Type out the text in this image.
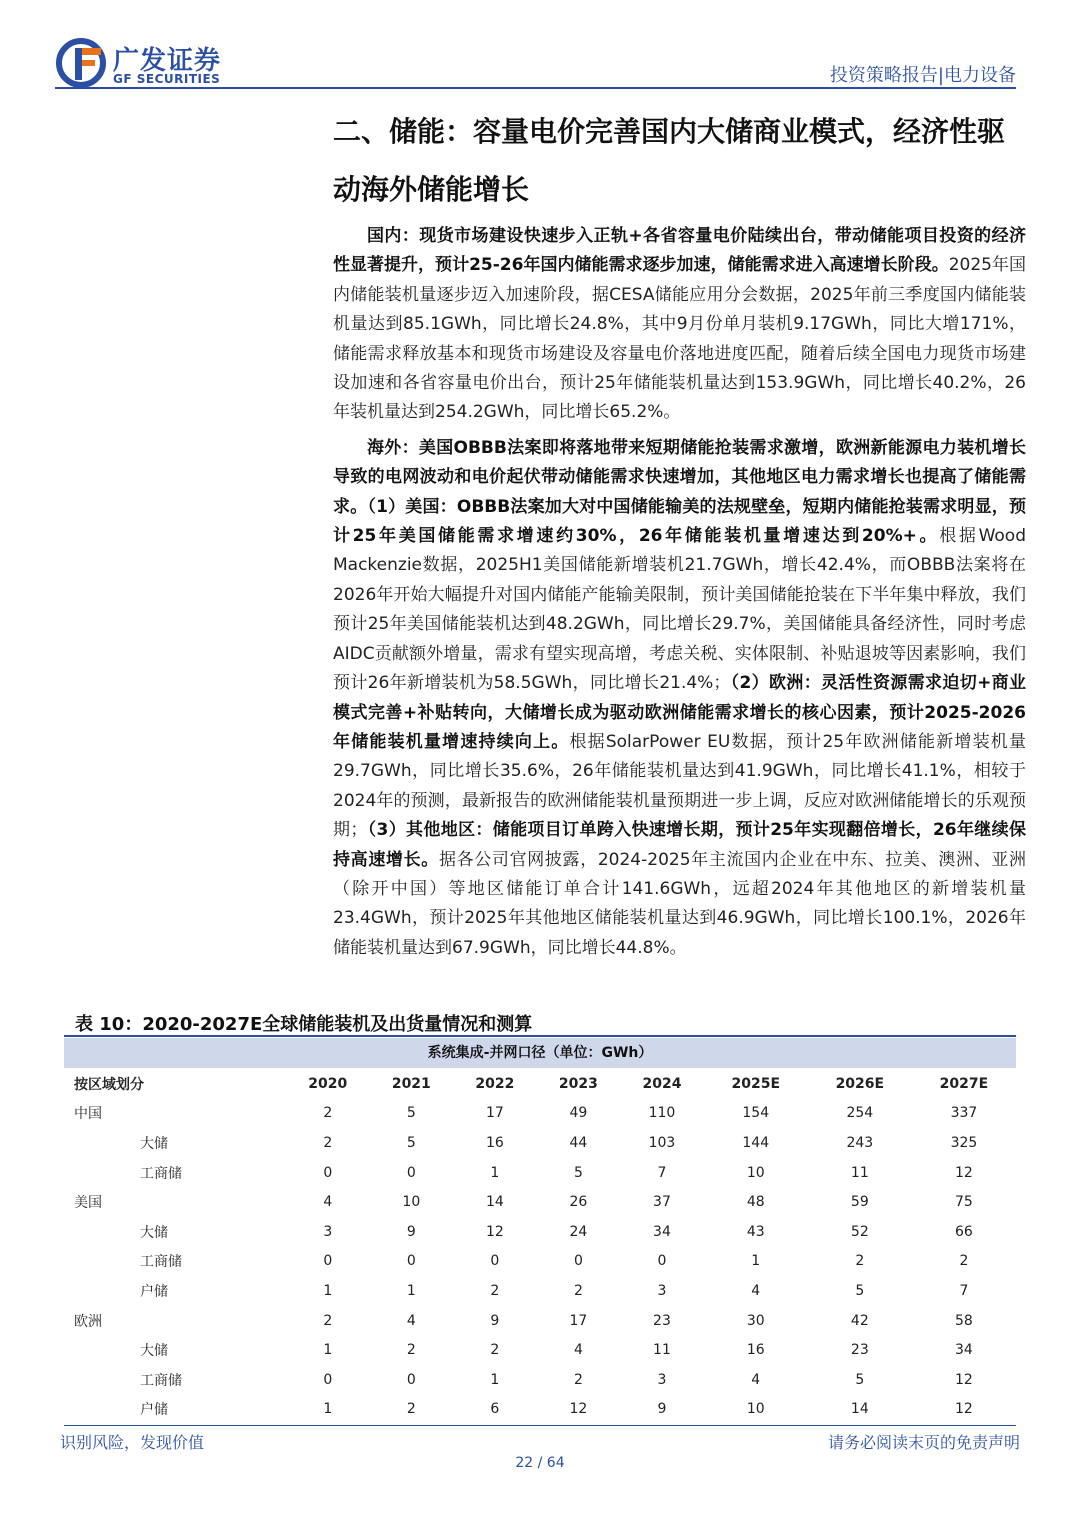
广发证券
GF SECURITIES	投资策略报告|电力设备
二、储能：容量电价完善国内大储商业模式，经济性驱
动海外储能增长

国内：现货市场建设快速步入正轨+各省容量电价陆续出台，带动储能项目投资的经济性显著提升，预计25-26年国内储能需求逐步加速，储能需求进入高速增长阶段。2025年国内储能装机量逐步迈入加速阶段，据CESA储能应用分会数据，2025年前三季度国内储能装机量达到85.1GWh，同比增长24.8%，其中9月份单月装机9.17GWh，同比大增171%，储能需求释放基本和现货市场建设及容量电价落地进度匹配，随着后续全国电力现货市场建设加速和各省容量电价出台，预计25年储能装机量达到153.9GWh，同比增长40.2%，26年装机量达到254.2GWh，同比增长65.2%。

海外：美国OBBB法案即将落地带来短期储能抢装需求激增，欧洲新能源电力装机增长导致的电网波动和电价起伏带动储能需求快速增加，其他地区电力需求增长也提高了储能需求。（1）美国：OBBB法案加大对中国储能输美的法规壁垒，短期内储能抢装需求明显，预计25年美国储能需求增速约30%，26年储能装机量增速达到20%+。根据Wood Mackenzie数据，2025H1美国储能新增装机21.7GWh，增长42.4%，而OBBB法案将在2026年开始大幅提升对国内储能产能输美限制，预计美国储能抢装在下半年集中释放，我们预计25年美国储能装机达到48.2GWh，同比增长29.7%，美国储能具备经济性，同时考虑AIDC贡献额外增量，需求有望实现高增，考虑关税、实体限制、补贴退坡等因素影响，我们预计26年新增装机为58.5GWh，同比增长21.4%；（2）欧洲：灵活性资源需求迫切+商业模式完善+补贴转向，大储增长成为驱动欧洲储能需求增长的核心因素，预计2025-2026年储能装机量增速持续向上。根据SolarPower EU数据，预计25年欧洲储能新增装机量29.7GWh，同比增长35.6%，26年储能装机量达到41.9GWh，同比增长41.1%，相较于2024年的预测，最新报告的欧洲储能装机量预期进一步上调，反应对欧洲储能增长的乐观预期；（3）其他地区：储能项目订单跨入快速增长期，预计25年实现翻倍增长，26年继续保持高速增长。据各公司官网披露，2024-2025年主流国内企业在中东、拉美、澳洲、亚洲（除开中国）等地区储能订单合计141.6GWh，远超2024年其他地区的新增装机量23.4GWh，预计2025年其他地区储能装机量达到46.9GWh，同比增长100.1%，2026年储能装机量达到67.9GWh，同比增长44.8%。

表 10：2020-2027E全球储能装机及出货量情况和测算
系统集成-并网口径（单位：GWh）
按区域划分	2020	2021	2022	2023	2024	2025E	2026E	2027E
中国	2	5	17	49	110	154	254	337
大储	2	5	16	44	103	144	243	325
工商储	0	0	1	5	7	10	11	12
美国	4	10	14	26	37	48	59	75
大储	3	9	12	24	34	43	52	66
工商储	0	0	0	0	0	1	2	2
户储	1	1	2	2	3	4	5	7
欧洲	2	4	9	17	23	30	42	58
大储	1	2	2	4	11	16	23	34
工商储	0	0	1	2	3	4	5	12
户储	1	2	6	12	9	10	14	12
识别风险，发现价值	请务必阅读末页的免责声明
22 / 64
